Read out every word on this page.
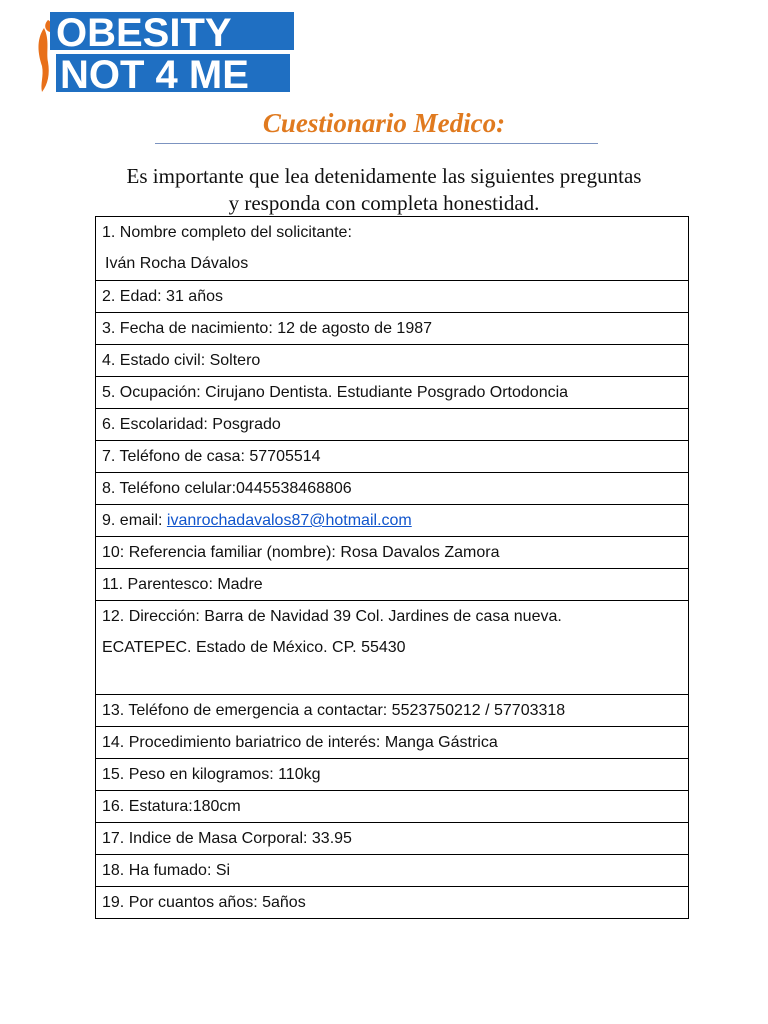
OBESITY
NOT 4 ME
Cuestionario Medico:
Es importante que lea detenidamente las siguientes preguntas y responda con completa honestidad.
1. Nombre completo del solicitante:
Iván Rocha Dávalos

2. Edad: 31 años
3. Fecha de nacimiento: 12 de agosto de 1987
4. Estado civil: Soltero
5. Ocupación: Cirujano Dentista. Estudiante Posgrado Ortodoncia
6. Escolaridad: Posgrado
7. Teléfono de casa: 57705514
8. Teléfono celular:0445538468806
9. email: ivanrochadavalos87@hotmail.com
10: Referencia familiar (nombre): Rosa Davalos Zamora
11. Parentesco: Madre

12. Dirección: Barra de Navidad 39 Col. Jardines de casa nueva.
ECATEPEC. Estado de México. CP. 55430

13. Teléfono de emergencia a contactar: 5523750212 / 57703318
14. Procedimiento bariatrico de interés: Manga Gástrica
15. Peso en kilogramos: 110kg
16. Estatura:180cm
17. Indice de Masa Corporal: 33.95
18. Ha fumado: Si
19. Por cuantos años: 5años
